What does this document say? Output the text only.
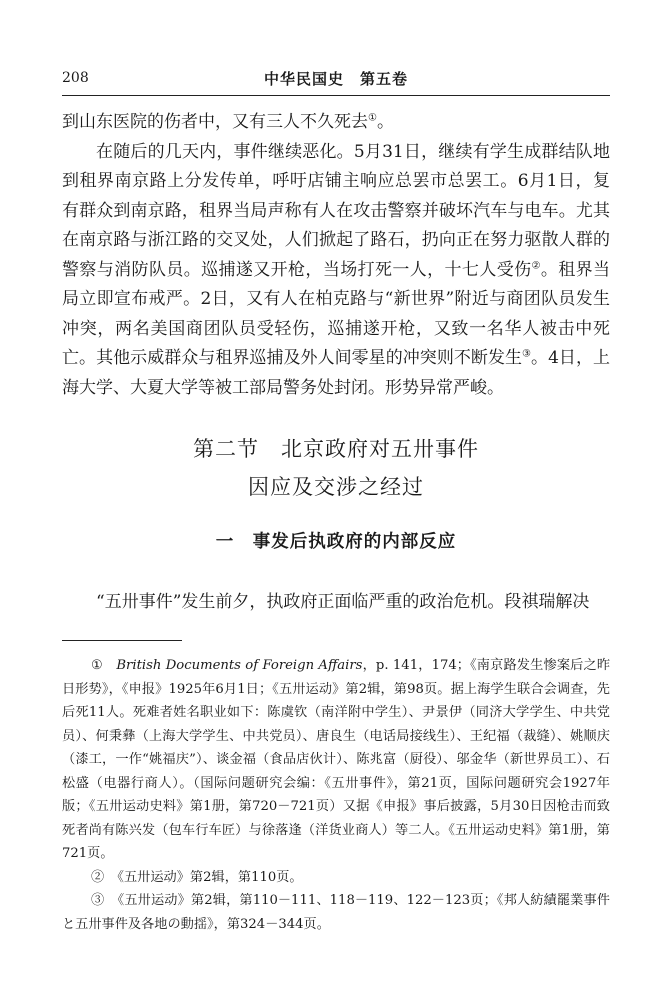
208	中华民国史　第五卷

到山东医院的伤者中，又有三人不久死去①。

在随后的几天内，事件继续恶化。5月31日，继续有学生成群结队地到租界南京路上分发传单，呼吁店铺主响应总罢市总罢工。6月1日，复有群众到南京路，租界当局声称有人在攻击警察并破坏汽车与电车。尤其在南京路与浙江路的交叉处，人们掀起了路石，扔向正在努力驱散人群的警察与消防队员。巡捕遂又开枪，当场打死一人，十七人受伤②。租界当局立即宣布戒严。2日，又有人在柏克路与“新世界”附近与商团队员发生冲突，两名美国商团队员受轻伤，巡捕遂开枪，又致一名华人被击中死亡。其他示威群众与租界巡捕及外人间零星的冲突则不断发生③。4日，上海大学、大夏大学等被工部局警务处封闭。形势异常严峻。

第二节　北京政府对五卅事件
因应及交涉之经过
一　事发后执政府的内部反应

“五卅事件”发生前夕，执政府正面临严重的政治危机。段祺瑞解决

①　 British Documents of Foreign Affairs，p. 141，174；《南京路发生惨案后之昨日形势》，《申报》1925年6月1日；《五卅运动》第2辑，第98页。据上海学生联合会调查，先后死11人。死难者姓名职业如下：陈虞钦（南洋附中学生）、尹景伊（同济大学学生、中共党员）、何秉彝（上海大学学生、中共党员）、唐良生（电话局接线生）、王纪福（裁缝）、姚顺庆（漆工，一作“姚福庆”）、谈金福（食品店伙计）、陈兆富（厨役）、邬金华（新世界员工）、石松盛（电器行商人）。（国际问题研究会编：《五卅事件》，第21页，国际问题研究会1927年版；《五卅运动史料》第1册，第720－721页）又据《申报》事后披露，5月30日因枪击而致死者尚有陈兴发（包车行车匠）与徐落逢（洋货业商人）等二人。《五卅运动史料》第1册，第721页。

②　 《五卅运动》第2辑，第110页。

③　 《五卅运动》第2辑，第110－111、118－119、122－123页；《邦人紡績罷業事件と五卅事件及各地の動揺》，第324－344页。
